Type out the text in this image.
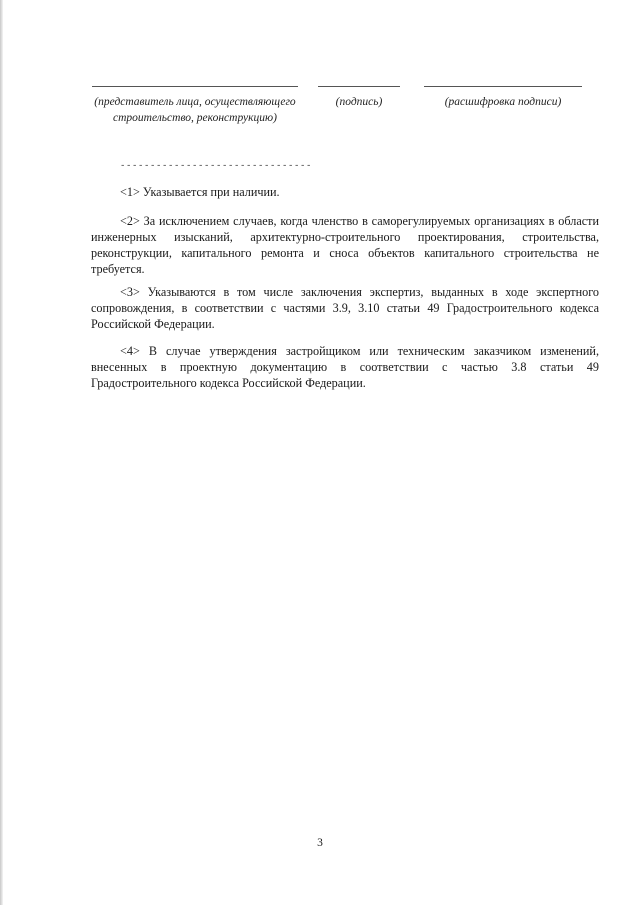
(представитель лица, осуществляющего строительство, реконструкцию)
(подпись)	(расшифровка подписи)
--------------------------------

<1> Указывается при наличии.

<2> За исключением случаев, когда членство в саморегулируемых организациях в области инженерных изысканий, архитектурно-строительного проектирования, строительства, реконструкции, капитального ремонта и сноса объектов капитального строительства не требуется.

<3> Указываются в том числе заключения экспертиз, выданных в ходе экспертного сопровождения, в соответствии с частями 3.9, 3.10 статьи 49 Градостроительного кодекса Российской Федерации.

<4> В случае утверждения застройщиком или техническим заказчиком изменений, внесенных в проектную документацию в соответствии с частью 3.8 статьи 49 Градостроительного кодекса Российской Федерации.

3
